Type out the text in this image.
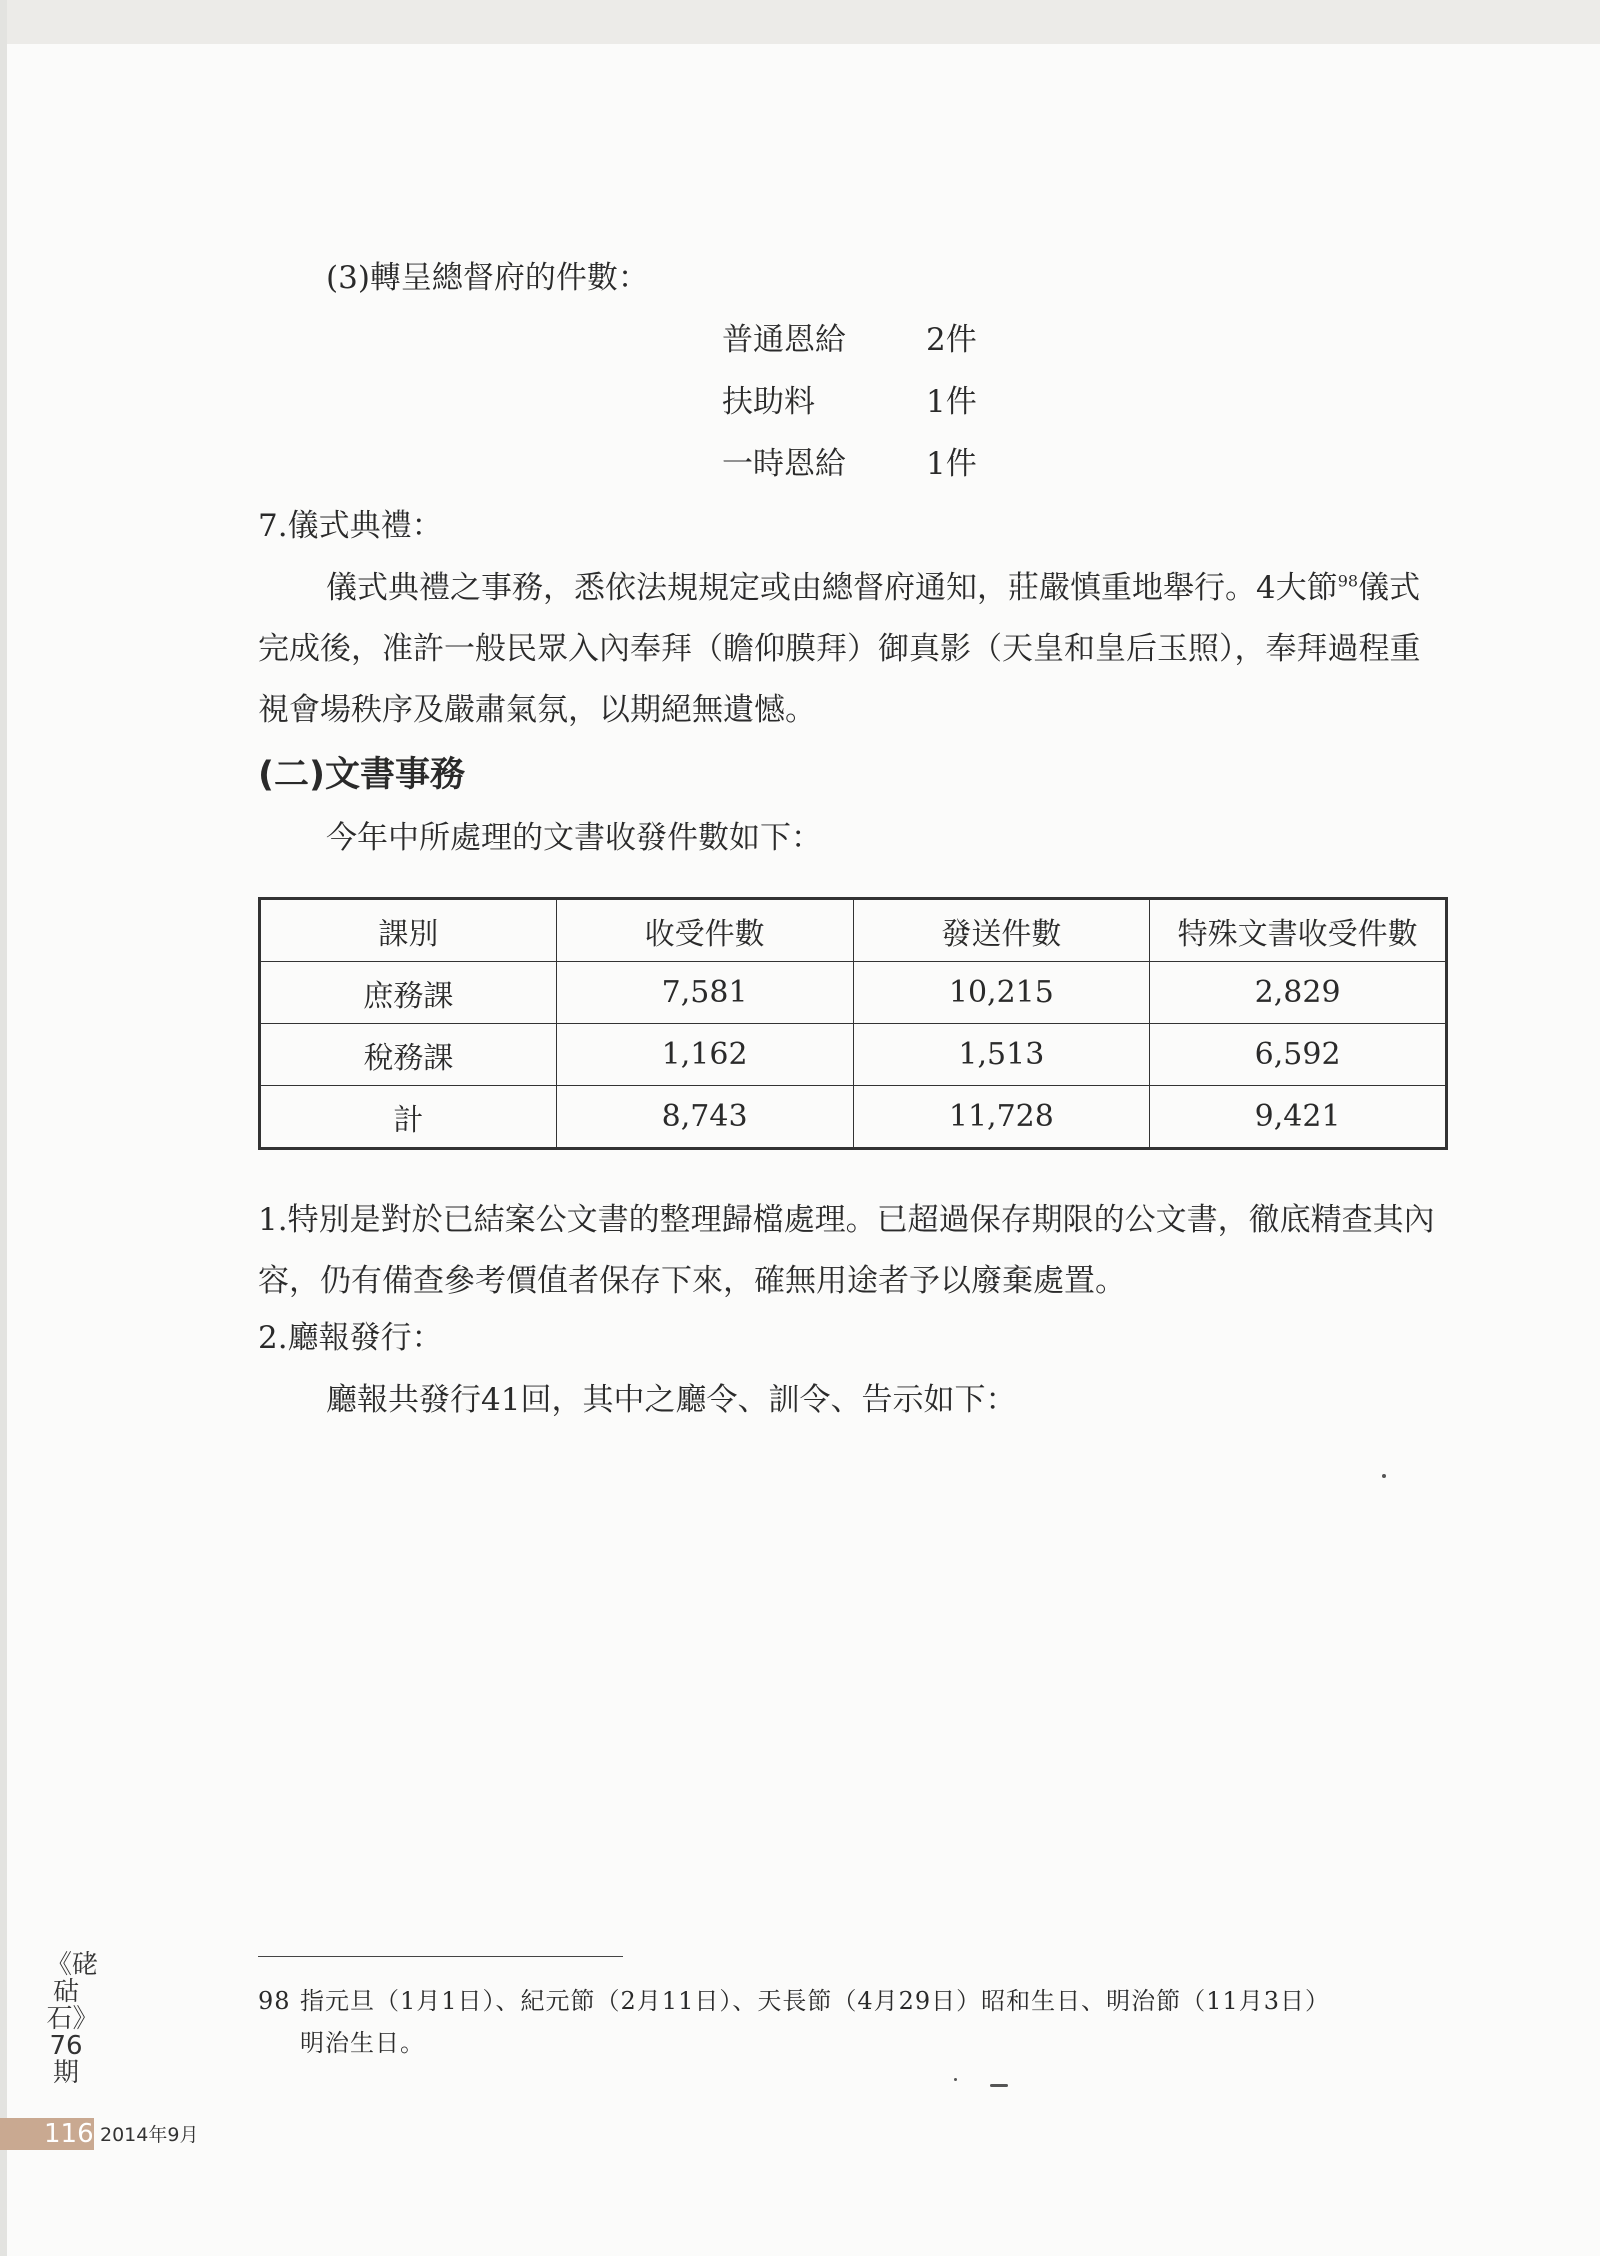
(3)轉呈總督府的件數：
普通恩給	2件
扶助料	1件
一時恩給	1件
7.儀式典禮：

儀式典禮之事務，悉依法規規定或由總督府通知，莊嚴慎重地舉行。4大節$^{98}$儀式完成後，准許一般民眾入內奉拜（瞻仰膜拜）御真影（天皇和皇后玉照），奉拜過程重視會場秩序及嚴肅氣氛，以期絕無遺憾。

(二)文書事務
今年中所處理的文書收發件數如下：
課別	收受件數	發送件數	特殊文書收受件數
庶務課	7,581	10,215	2,829
稅務課	1,162	1,513	6,592
計	8,743	11,728	9,421

1.特別是對於已結案公文書的整理歸檔處理。已超過保存期限的公文書，徹底精查其內容，仍有備查參考價值者保存下來，確無用途者予以廢棄處置。

2.廳報發行：
廳報共發行41回，其中之廳令、訓令、告示如下：
98 指元旦（1月1日）、紀元節（2月11日）、天長節（4月29日）昭和生日、明治節（11月3日）
明治生日。
《硓𥑮石》76期
116 2014年9月
